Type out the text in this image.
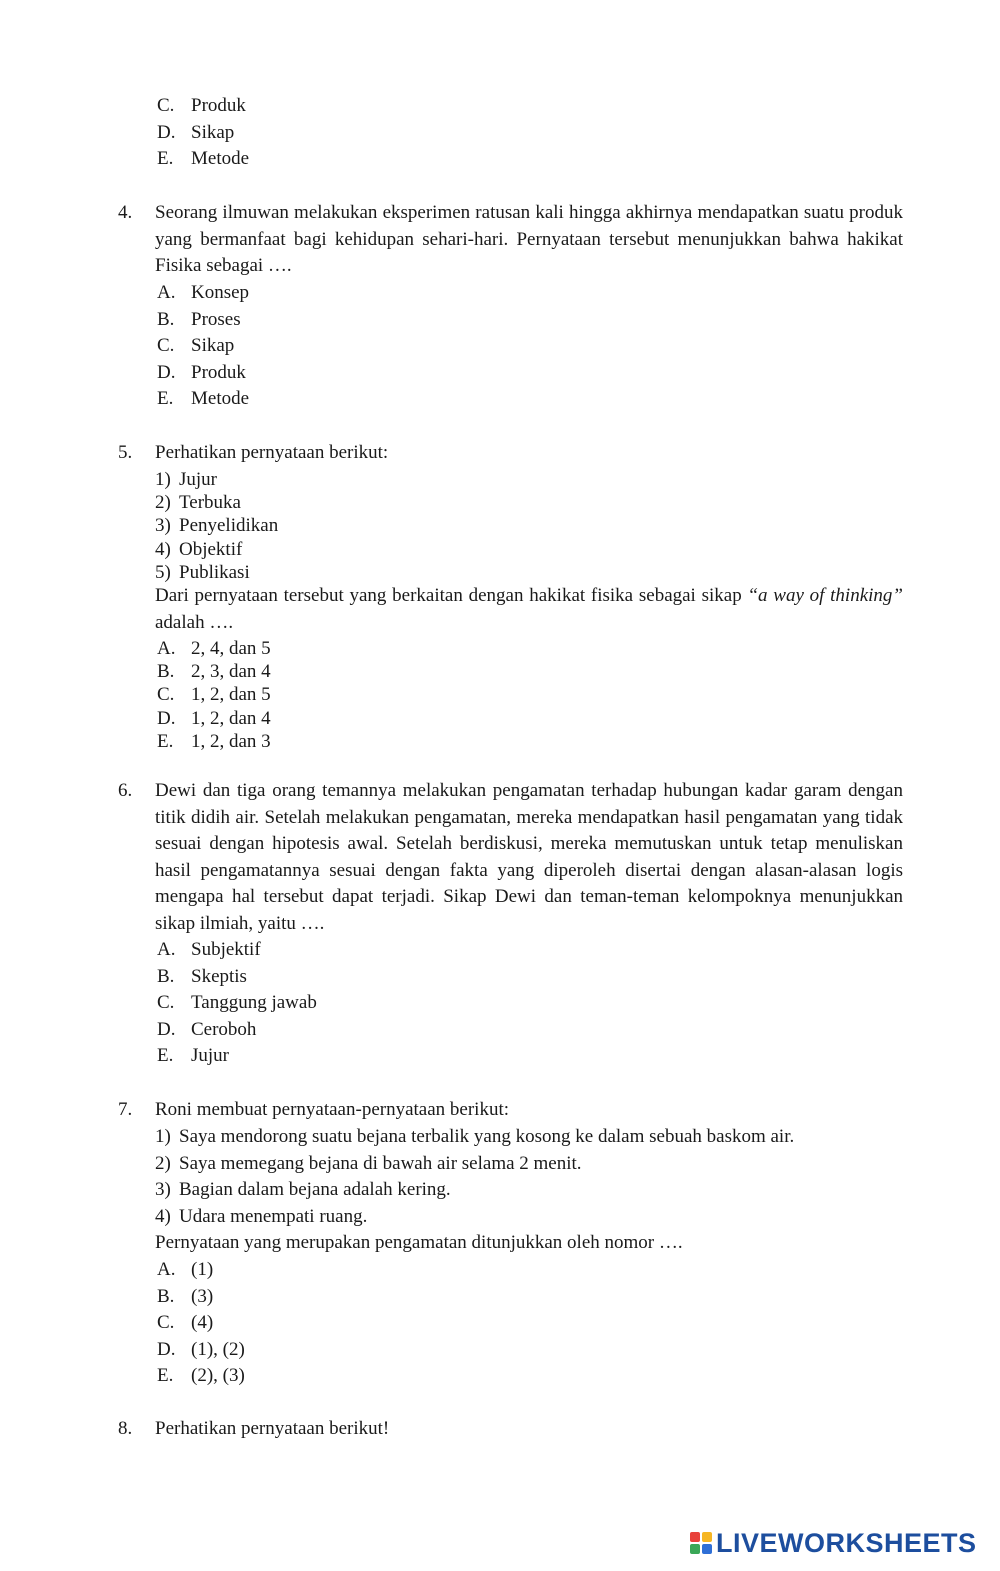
C. Produk
D. Sikap
E. Metode
4. Seorang ilmuwan melakukan eksperimen ratusan kali hingga akhirnya mendapatkan suatu produk yang bermanfaat bagi kehidupan sehari-hari. Pernyataan tersebut menunjukkan bahwa hakikat Fisika sebagai ….
A. Konsep
B. Proses
C. Sikap
D. Produk
E. Metode
5. Perhatikan pernyataan berikut:
1) Jujur
2) Terbuka
3) Penyelidikan
4) Objektif
5) Publikasi
Dari pernyataan tersebut yang berkaitan dengan hakikat fisika sebagai sikap “a way of thinking” adalah ….
A. 2, 4, dan 5
B. 2, 3, dan 4
C. 1, 2, dan 5
D. 1, 2, dan 4
E. 1, 2, dan 3
6. Dewi dan tiga orang temannya melakukan pengamatan terhadap hubungan kadar garam dengan titik didih air. Setelah melakukan pengamatan, mereka mendapatkan hasil pengamatan yang tidak sesuai dengan hipotesis awal. Setelah berdiskusi, mereka memutuskan untuk tetap menuliskan hasil pengamatannya sesuai dengan fakta yang diperoleh disertai dengan alasan-alasan logis mengapa hal tersebut dapat terjadi. Sikap Dewi dan teman-teman kelompoknya menunjukkan sikap ilmiah, yaitu ….
A. Subjektif
B. Skeptis
C. Tanggung jawab
D. Ceroboh
E. Jujur
7. Roni membuat pernyataan-pernyataan berikut:
1) Saya mendorong suatu bejana terbalik yang kosong ke dalam sebuah baskom air.
2) Saya memegang bejana di bawah air selama 2 menit.
3) Bagian dalam bejana adalah kering.
4) Udara menempati ruang.
Pernyataan yang merupakan pengamatan ditunjukkan oleh nomor ….
A. (1)
B. (3)
C. (4)
D. (1), (2)
E. (2), (3)
8. Perhatikan pernyataan berikut!
LIVEWORKSHEETS
